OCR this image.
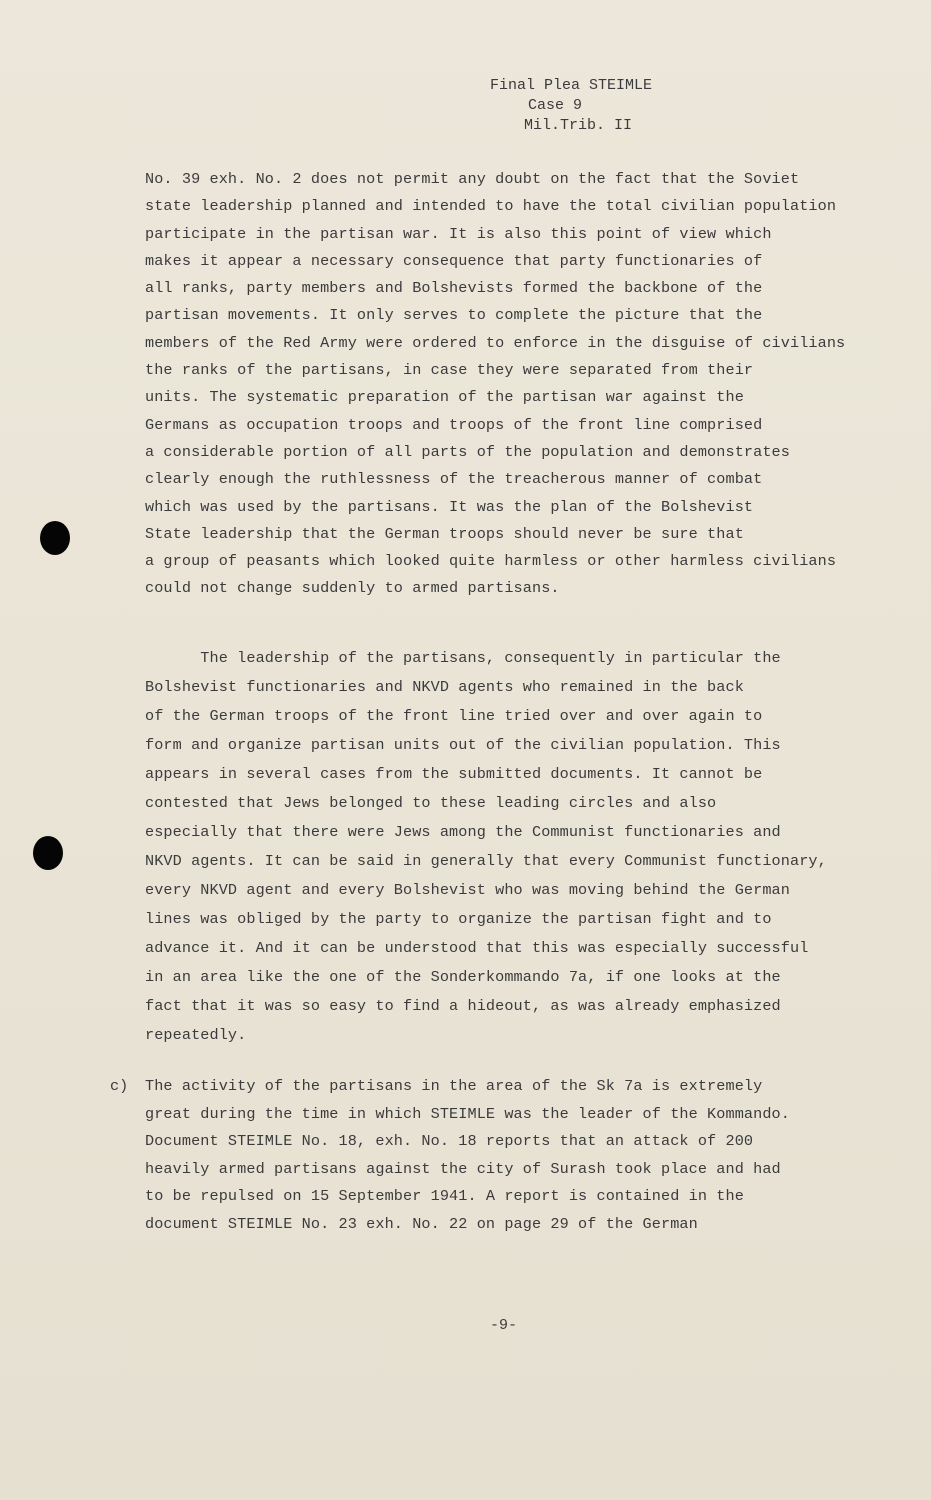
Final Plea STEIMLE
Case 9
Mil.Trib. II
No. 39 exh. No. 2 does not permit any doubt on the fact that the Soviet
state leadership planned and intended to have the total civilian population
participate in the partisan war. It is also this point of view which
makes it appear a necessary consequence that party functionaries of
all ranks, party members and Bolshevists formed the backbone of the
partisan movements. It only serves to complete the picture that the
members of the Red Army were ordered to enforce in the disguise of civilians
the ranks of the partisans, in case they were separated from their
units. The systematic preparation of the partisan war against the
Germans as occupation troops and troops of the front line comprised
a considerable portion of all parts of the population and demonstrates
clearly enough the ruthlessness of the treacherous manner of combat
which was used by the partisans. It was the plan of the Bolshevist
State leadership that the German troops should never be sure that
a group of peasants which looked quite harmless or other harmless civilians
could not change suddenly to armed partisans.
The leadership of the partisans, consequently in particular the
Bolshevist functionaries and NKVD agents who remained in the back
of the German troops of the front line tried over and over again to
form and organize partisan units out of the civilian population. This
appears in several cases from the submitted documents. It cannot be
contested that Jews belonged to these leading circles and also
especially that there were Jews among the Communist functionaries and
NKVD agents. It can be said in generally that every Communist functionary,
every NKVD agent and every Bolshevist who was moving behind the German
lines was obliged by the party to organize the partisan fight and to
advance it. And it can be understood that this was especially successful
in an area like the one of the Sonderkommando 7a, if one looks at the
fact that it was so easy to find a hideout, as was already emphasized
repeatedly.
c) The activity of the partisans in the area of the Sk 7a is extremely
great during the time in which STEIMLE was the leader of the Kommando.
Document STEIMLE No. 18, exh. No. 18 reports that an attack of 200
heavily armed partisans against the city of Surash took place and had
to be repulsed on 15 September 1941. A report is contained in the
document STEIMLE No. 23 exh. No. 22 on page 29 of the German
-9-
